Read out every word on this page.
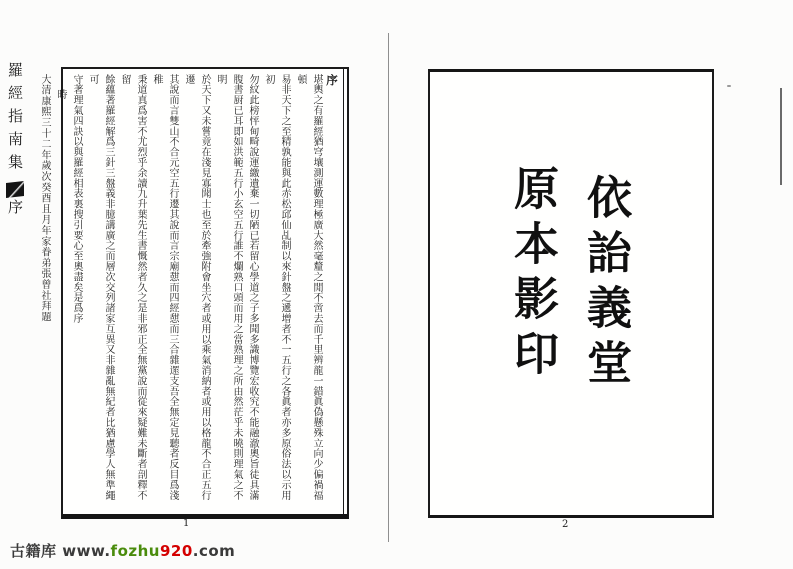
羅經指南集序
序
堪輿之有羅經猶穹壤測運數理極廣大然毫釐之閒不啻去而千里辨龍一錯眞偽懸殊立向少偏禍福頓
易非天下之至精孰能與此赤松邱仙乩制以來針盤之遞增者不一五行之各眞者亦多原俗法以示用初
勿紋此榜怦甸畸說運繳遺棄一切陋已若留心學道之子多聞多識博覽宏收究不能融澈奧旨徒具滿
腹書厨已耳即如洪範五行小玄空五行誰不爛熟口頭而用之當熟理之所由然茫乎未曉則理氣之不明
於天下又未嘗竟在淺見寡聞士也至於牽強附會坐穴者或用以乘氣消納者或用以格龍不合正五行遷
其說而言雙山不合元空五行遷其說而言宗廟憇而四經憇而三合雜遝支吾全無定見聽者反目爲淺稚
秉道真爲害不尤烈乎余讀九升葉先生書慨然者久之是非邪正全無黨說而從來疑難未斷者剖釋不留
餘蘊著羅經解爲三針三盤義非臆講廣之而層次交列諸家互異又非雜亂無紀者比猶慮學人無準繩可
守著理氣四訣以與羅經相表裏搜引要心至奧盡矣是爲序
時
大清康熙三十二年歲次癸酉且月年家眷弟張曾社拜題
1
依詒義堂
原本影印
2
古籍库 www.fozhu920.com
